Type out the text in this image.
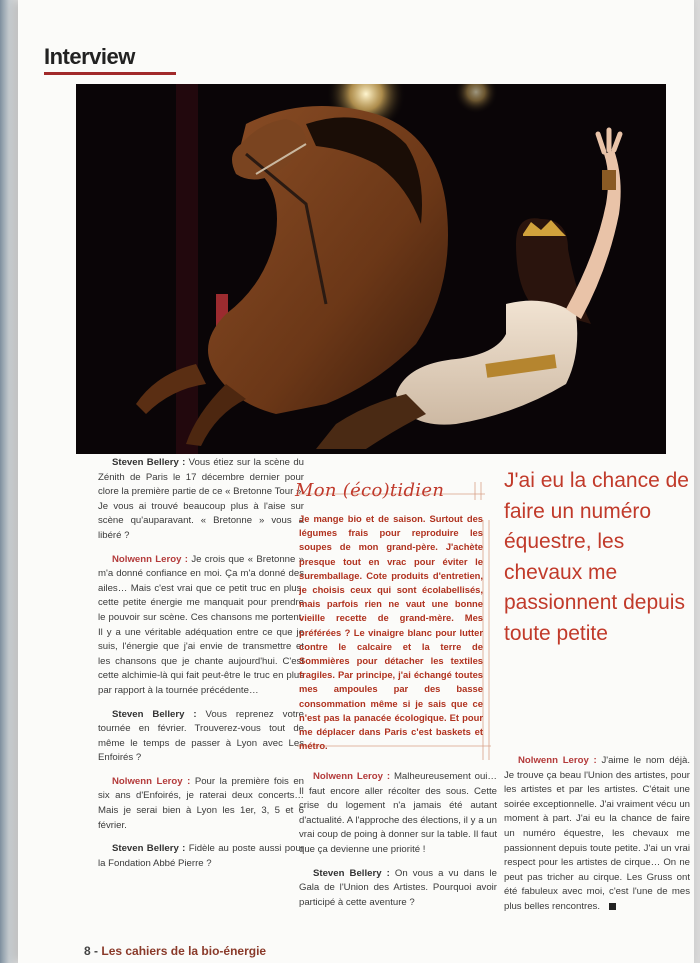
Interview

Steven Bellery : Vous étiez sur la scène du Zénith de Paris le 17 décembre dernier pour clore la première partie de ce « Bretonne Tour ». Je vous ai trouvé beaucoup plus à l'aise sur scène qu'auparavant. « Bretonne » vous a libéré ?

Nolwenn Leroy : Je crois que « Bretonne » m'a donné confiance en moi. Ça m'a donné des ailes… Mais c'est vrai que ce petit truc en plus, cette petite énergie me manquait pour prendre le pouvoir sur scène. Ces chansons me portent. Il y a une véritable adéquation entre ce que je suis, l'énergie que j'ai envie de transmettre et les chansons que je chante aujourd'hui. C'est cette alchimie-là qui fait peut-être le truc en plus par rapport à la tournée précédente…

Steven Bellery : Vous reprenez votre tournée en février. Trouverez-vous tout de même le temps de passer à Lyon avec Les Enfoirés ?

Nolwenn Leroy : Pour la première fois en six ans d'Enfoirés, je raterai deux concerts… Mais je serai bien à Lyon les 1er, 3, 5 et 6 février.

Steven Bellery : Fidèle au poste aussi pour la Fondation Abbé Pierre ?

Mon (éco)tidien

Je mange bio et de saison. Surtout des légumes frais pour reproduire les soupes de mon grand-père. J'achète presque tout en vrac pour éviter le suremballage. Cote produits d'entretien, je choisis ceux qui sont écolabellisés, mais parfois rien ne vaut une bonne vieille recette de grand-mère. Mes préférées ? Le vinaigre blanc pour lutter contre le calcaire et la terre de Sommières pour détacher les textiles fragiles. Par principe, j'ai échangé toutes mes ampoules par des basse consommation même si je sais que ce n'est pas la panacée écologique. Et pour me déplacer dans Paris c'est baskets et métro.

Nolwenn Leroy : Malheureusement oui… Il faut encore aller récolter des sous. Cette crise du logement n'a jamais été autant d'actualité. A l'approche des élections, il y a un vrai coup de poing à donner sur la table. Il faut que ça devienne une priorité !

Steven Bellery : On vous a vu dans le Gala de l'Union des Artistes. Pourquoi avoir participé à cette aventure ?

J'ai eu la chance de faire un numéro équestre, les chevaux me passionnent depuis toute petite

Nolwenn Leroy : J'aime le nom déjà. Je trouve ça beau l'Union des artistes, pour les artistes et par les artistes. C'était une soirée exceptionnelle. J'ai vraiment vécu un moment à part. J'ai eu la chance de faire un numéro équestre, les chevaux me passionnent depuis toute petite. J'ai un vrai respect pour les artistes de cirque… On ne peut pas tricher au cirque. Les Gruss ont été fabuleux avec moi, c'est l'une de mes plus belles rencontres.

8 - Les cahiers de la bio-énergie
